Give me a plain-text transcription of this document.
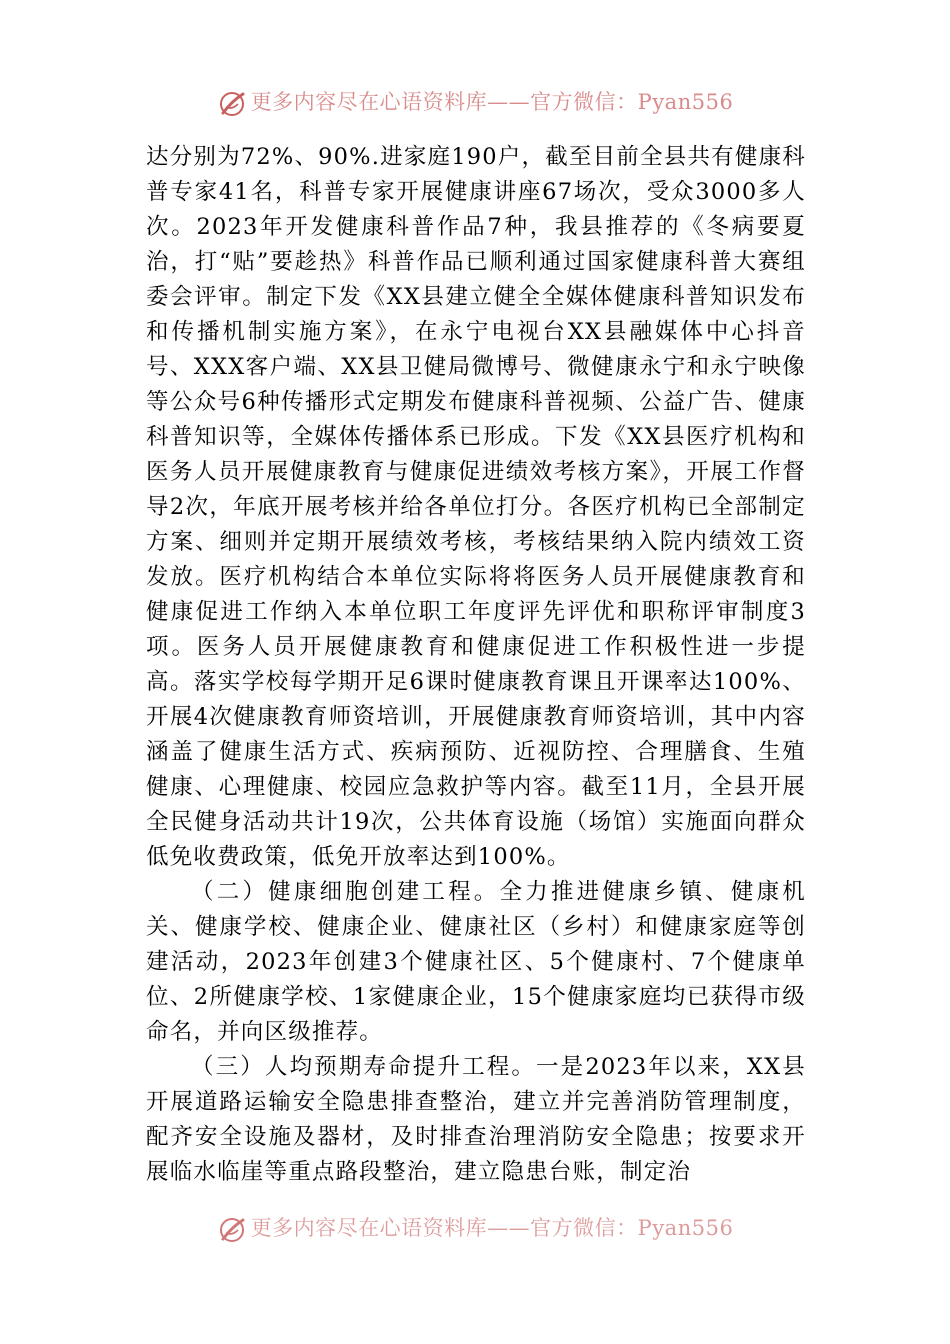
更多内容尽在心语资料库——官方微信：Pyan556

达分别为72%、90%.进家庭190户，截至目前全县共有健康科普专家41名，科普专家开展健康讲座67场次，受众3000多人次。2023年开发健康科普作品7种，我县推荐的《冬病要夏治，打“贴”要趁热》科普作品已顺利通过国家健康科普大赛组委会评审。制定下发《XX县建立健全全媒体健康科普知识发布和传播机制实施方案》，在永宁电视台XX县融媒体中心抖音号、XXX客户端、XX县卫健局微博号、微健康永宁和永宁映像等公众号6种传播形式定期发布健康科普视频、公益广告、健康科普知识等，全媒体传播体系已形成。下发《XX县医疗机构和医务人员开展健康教育与健康促进绩效考核方案》，开展工作督导2次，年底开展考核并给各单位打分。各医疗机构已全部制定方案、细则并定期开展绩效考核，考核结果纳入院内绩效工资发放。医疗机构结合本单位实际将将医务人员开展健康教育和健康促进工作纳入本单位职工年度评先评优和职称评审制度3项。医务人员开展健康教育和健康促进工作积极性进一步提高。落实学校每学期开足6课时健康教育课且开课率达100%、开展4次健康教育师资培训，开展健康教育师资培训，其中内容涵盖了健康生活方式、疾病预防、近视防控、合理膳食、生殖健康、心理健康、校园应急救护等内容。截至11月，全县开展全民健身活动共计19次，公共体育设施（场馆）实施面向群众低免收费政策，低免开放率达到100%。

（二）健康细胞创建工程。全力推进健康乡镇、健康机关、健康学校、健康企业、健康社区（乡村）和健康家庭等创建活动，2023年创建3个健康社区、5个健康村、7个健康单位、2所健康学校、1家健康企业，15个健康家庭均已获得市级命名，并向区级推荐。

（三）人均预期寿命提升工程。一是2023年以来，XX县开展道路运输安全隐患排查整治，建立并完善消防管理制度，配齐安全设施及器材，及时排查治理消防安全隐患；按要求开展临水临崖等重点路段整治，建立隐患台账，制定治

更多内容尽在心语资料库——官方微信：Pyan556
